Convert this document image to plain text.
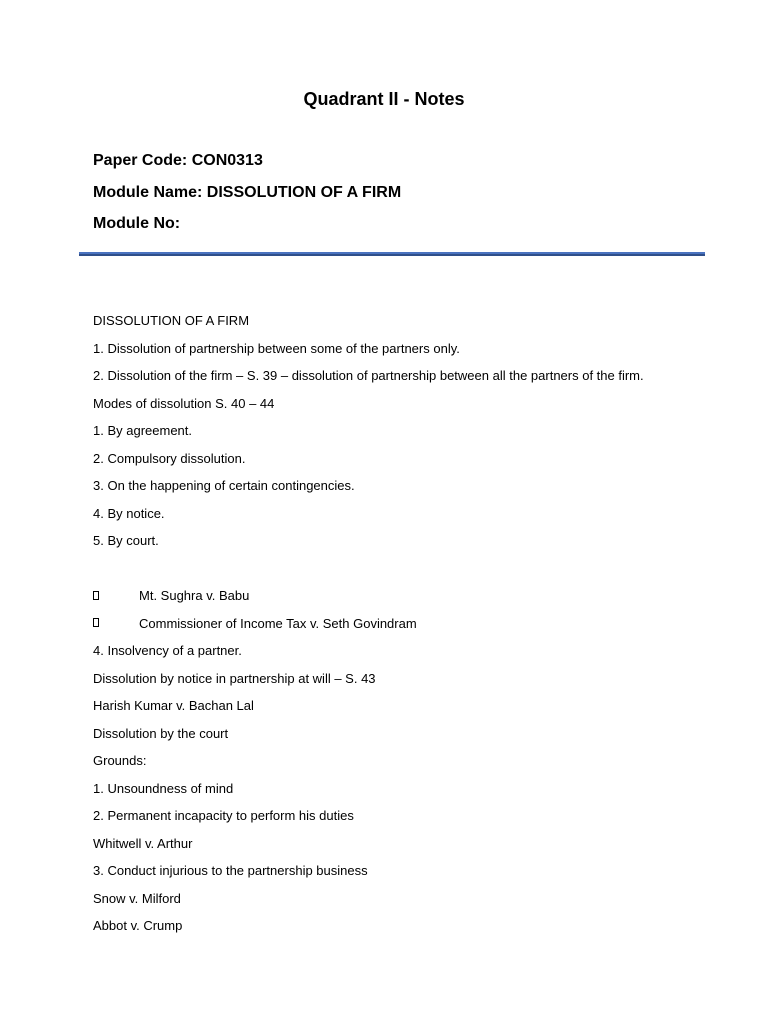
Quadrant II - Notes
Paper Code: CON0313
Module Name: DISSOLUTION OF A FIRM
Module No:
DISSOLUTION OF A FIRM
1. Dissolution of partnership between some of the partners only.
2. Dissolution of the firm – S. 39 – dissolution of partnership between all the partners of the firm.
Modes of dissolution S. 40 – 44
1. By agreement.
2. Compulsory dissolution.
3. On the happening of certain contingencies.
4. By notice.
5. By court.
Mt. Sughra v. Babu
Commissioner of Income Tax v. Seth Govindram
4. Insolvency of a partner.
Dissolution by notice in partnership at will – S. 43
Harish Kumar v. Bachan Lal
Dissolution by the court
Grounds:
1. Unsoundness of mind
2. Permanent incapacity to perform his duties
Whitwell v. Arthur
3. Conduct injurious to the partnership business
Snow v. Milford
Abbot v. Crump
